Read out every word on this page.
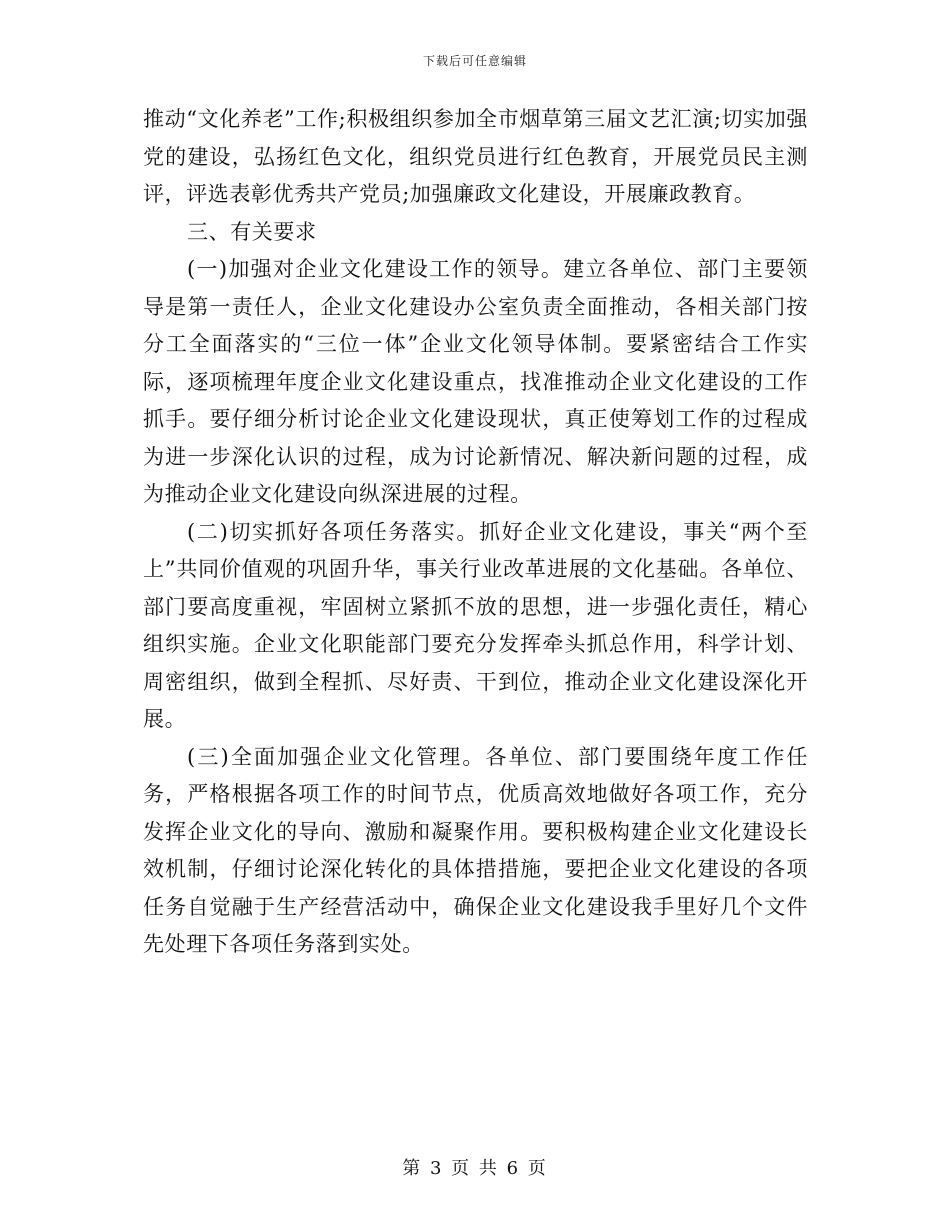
下载后可任意编辑

推动“文化养老”工作;积极组织参加全市烟草第三届文艺汇演;切实加强党的建设，弘扬红色文化，组织党员进行红色教育，开展党员民主测评，评选表彰优秀共产党员;加强廉政文化建设，开展廉政教育。

三、有关要求

(一)加强对企业文化建设工作的领导。建立各单位、部门主要领导是第一责任人，企业文化建设办公室负责全面推动，各相关部门按分工全面落实的“三位一体”企业文化领导体制。要紧密结合工作实际，逐项梳理年度企业文化建设重点，找准推动企业文化建设的工作抓手。要仔细分析讨论企业文化建设现状，真正使筹划工作的过程成为进一步深化认识的过程，成为讨论新情况、解决新问题的过程，成为推动企业文化建设向纵深进展的过程。

(二)切实抓好各项任务落实。抓好企业文化建设，事关“两个至上”共同价值观的巩固升华，事关行业改革进展的文化基础。各单位、部门要高度重视，牢固树立紧抓不放的思想，进一步强化责任，精心组织实施。企业文化职能部门要充分发挥牵头抓总作用，科学计划、周密组织，做到全程抓、尽好责、干到位，推动企业文化建设深化开展。

(三)全面加强企业文化管理。各单位、部门要围绕年度工作任务，严格根据各项工作的时间节点，优质高效地做好各项工作，充分发挥企业文化的导向、激励和凝聚作用。要积极构建企业文化建设长效机制，仔细讨论深化转化的具体措措施，要把企业文化建设的各项任务自觉融于生产经营活动中，确保企业文化建设我手里好几个文件先处理下各项任务落到实处。

第 3 页 共 6 页
